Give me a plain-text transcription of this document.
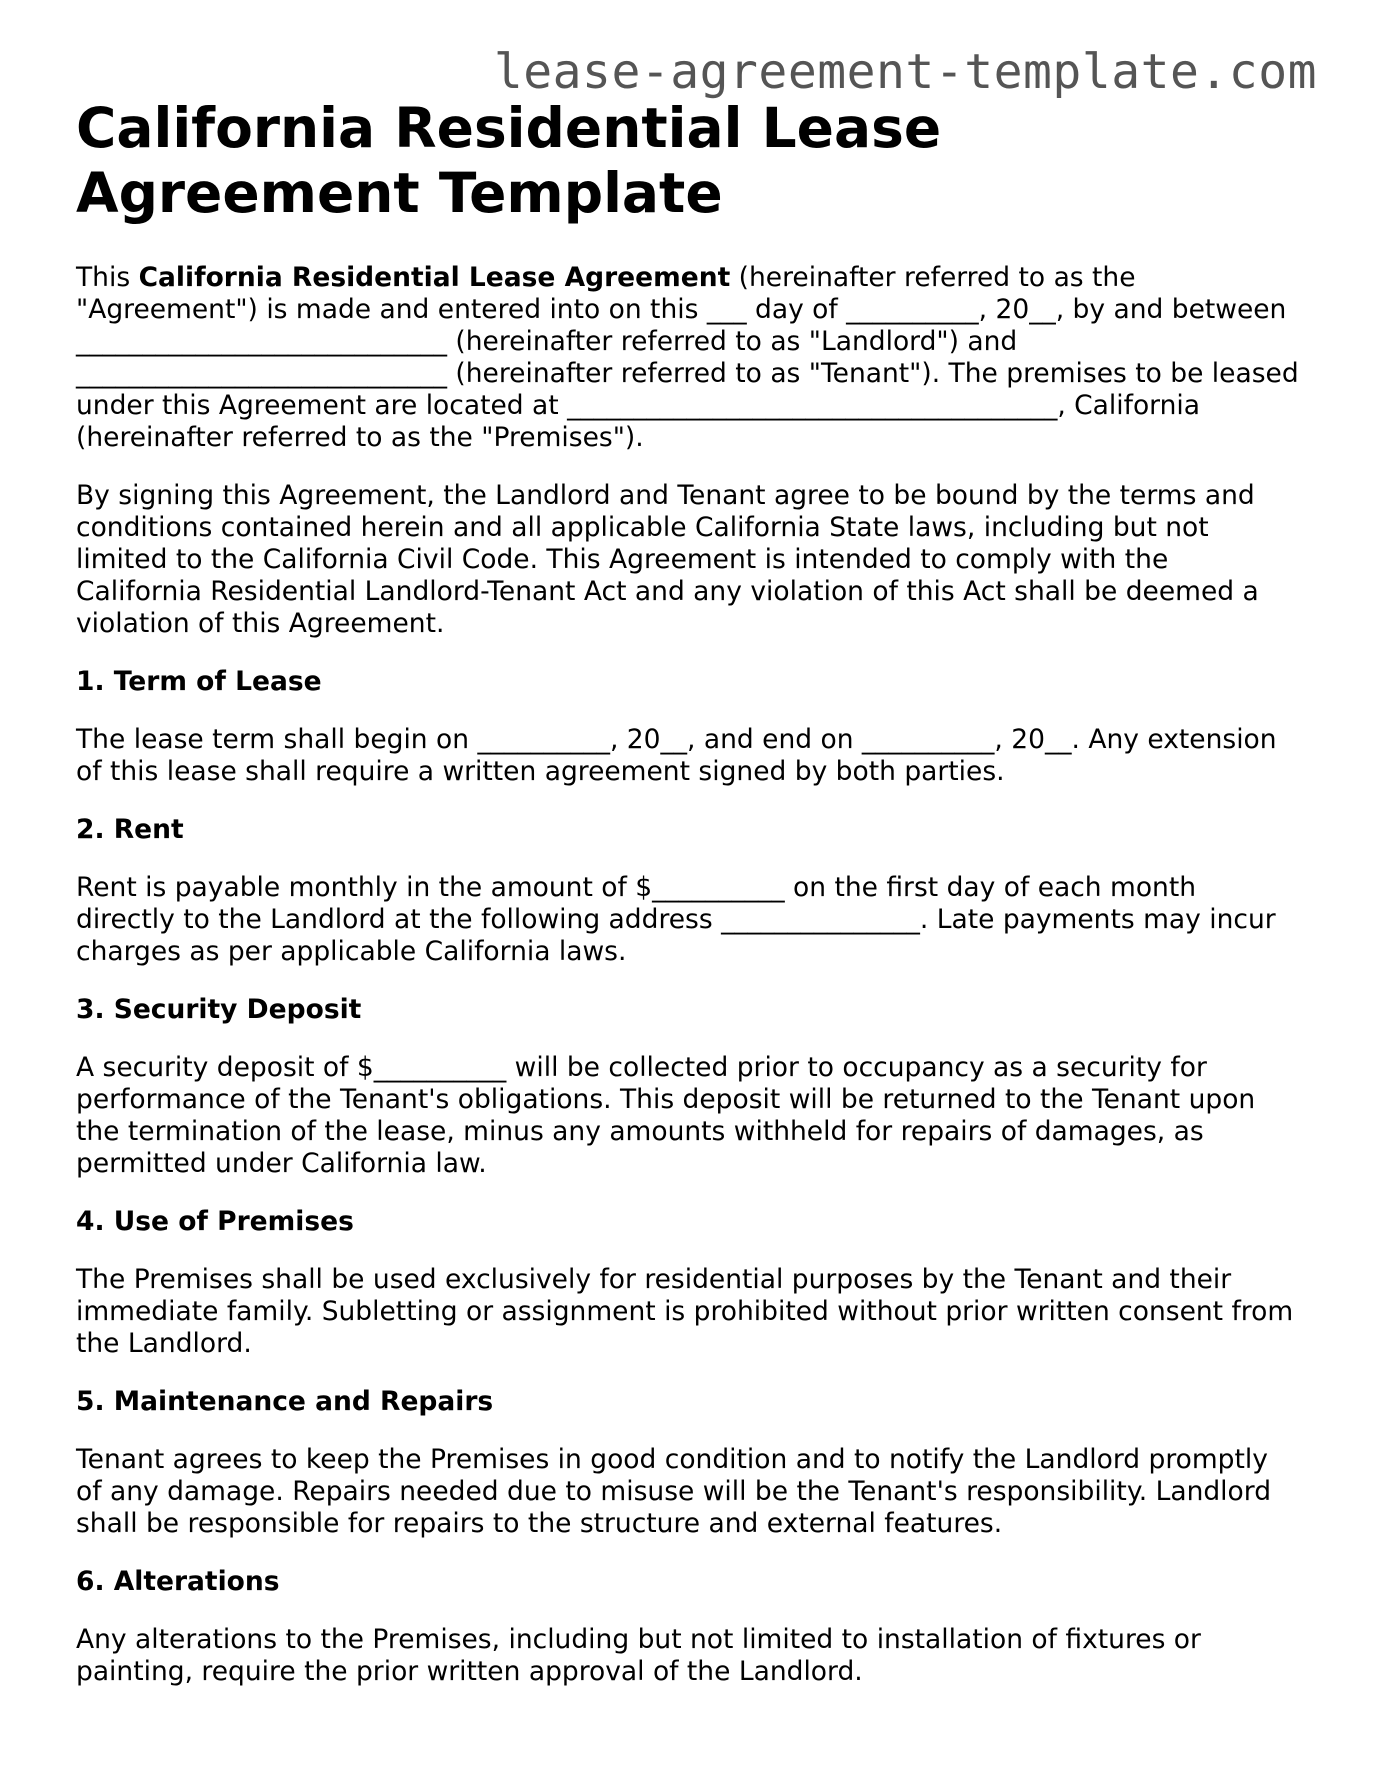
lease-agreement-template.com
California Residential Lease Agreement Template

This California Residential Lease Agreement (hereinafter referred to as the "Agreement") is made and entered into on this ___ day of __________, 20__, by and between ____________________________ (hereinafter referred to as "Landlord") and ____________________________ (hereinafter referred to as "Tenant"). The premises to be leased under this Agreement are located at _____________________________________, California (hereinafter referred to as the "Premises").

By signing this Agreement, the Landlord and Tenant agree to be bound by the terms and conditions contained herein and all applicable California State laws, including but not limited to the California Civil Code. This Agreement is intended to comply with the California Residential Landlord-Tenant Act and any violation of this Act shall be deemed a violation of this Agreement.

1. Term of Lease

The lease term shall begin on __________, 20__, and end on __________, 20__. Any extension of this lease shall require a written agreement signed by both parties.

2. Rent

Rent is payable monthly in the amount of $__________ on the first day of each month directly to the Landlord at the following address _______________. Late payments may incur charges as per applicable California laws.

3. Security Deposit

A security deposit of $__________ will be collected prior to occupancy as a security for performance of the Tenant's obligations. This deposit will be returned to the Tenant upon the termination of the lease, minus any amounts withheld for repairs of damages, as permitted under California law.

4. Use of Premises

The Premises shall be used exclusively for residential purposes by the Tenant and their immediate family. Subletting or assignment is prohibited without prior written consent from the Landlord.

5. Maintenance and Repairs

Tenant agrees to keep the Premises in good condition and to notify the Landlord promptly of any damage. Repairs needed due to misuse will be the Tenant's responsibility. Landlord shall be responsible for repairs to the structure and external features.

6. Alterations

Any alterations to the Premises, including but not limited to installation of fixtures or painting, require the prior written approval of the Landlord.
